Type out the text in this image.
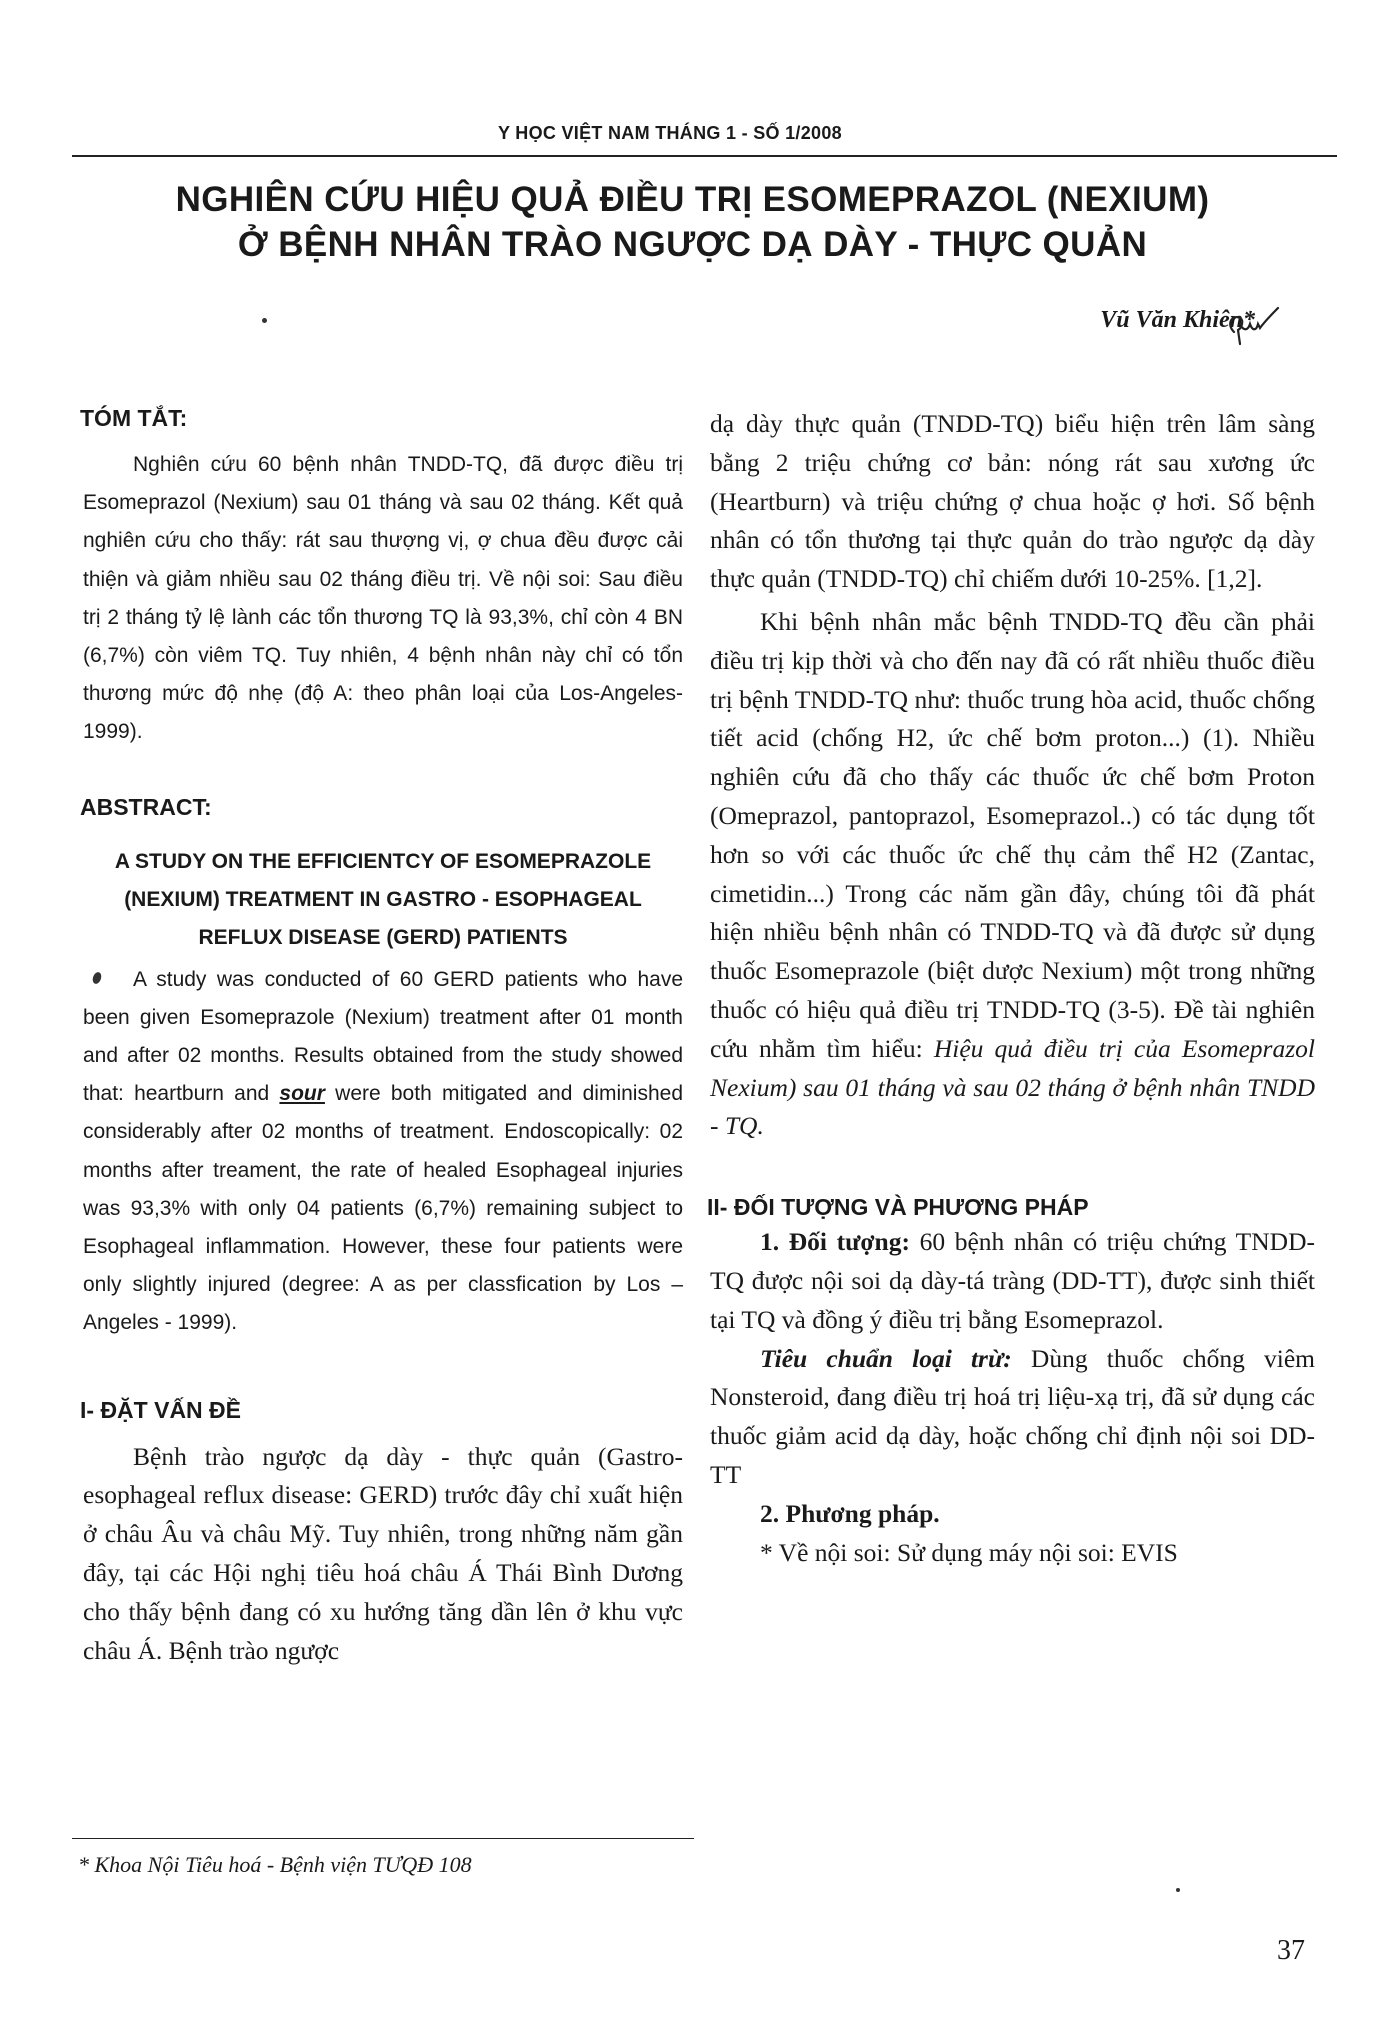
Y HỌC VIỆT NAM THÁNG 1 - SỐ 1/2008
NGHIÊN CỨU HIỆU QUẢ ĐIỀU TRỊ ESOMEPRAZOL (NEXIUM)
Ở BỆNH NHÂN TRÀO NGƯỢC DẠ DÀY - THỰC QUẢN
Vũ Văn Khiên*
TÓM TẮT:

Nghiên cứu 60 bệnh nhân TNDD-TQ, đã được điều trị Esomeprazol (Nexium) sau 01 tháng và sau 02 tháng. Kết quả nghiên cứu cho thấy: rát sau thượng vị, ợ chua đều được cải thiện và giảm nhiều sau 02 tháng điều trị. Về nội soi: Sau điều trị 2 tháng tỷ lệ lành các tổn thương TQ là 93,3%, chỉ còn 4 BN (6,7%) còn viêm TQ. Tuy nhiên, 4 bệnh nhân này chỉ có tổn thương mức độ nhẹ (độ A: theo phân loại của Los-Angeles-1999).

ABSTRACT:

A STUDY ON THE EFFICIENTCY OF ESOMEPRAZOLE

(NEXIUM) TREATMENT IN GASTRO - ESOPHAGEAL

REFLUX DISEASE (GERD) PATIENTS

A study was conducted of 60 GERD patients who have been given Esomeprazole (Nexium) treatment after 01 month and after 02 months. Results obtained from the study showed that: heartburn and sour were both mitigated and diminished considerably after 02 months of treatment. Endoscopically: 02 months after treament, the rate of healed Esophageal injuries was 93,3% with only 04 patients (6,7%) remaining subject to Esophageal inflammation. However, these four patients were only slightly injured (degree: A as per classfication by Los – Angeles - 1999).

I- ĐẶT VẤN ĐỀ

Bệnh trào ngược dạ dày - thực quản (Gastro-esophageal reflux disease: GERD) trước đây chỉ xuất hiện ở châu Âu và châu Mỹ. Tuy nhiên, trong những năm gần đây, tại các Hội nghị tiêu hoá châu Á Thái Bình Dương cho thấy bệnh đang có xu hướng tăng dần lên ở khu vực châu Á. Bệnh trào ngược

dạ dày thực quản (TNDD-TQ) biểu hiện trên lâm sàng bằng 2 triệu chứng cơ bản: nóng rát sau xương ức (Heartburn) và triệu chứng ợ chua hoặc ợ hơi. Số bệnh nhân có tổn thương tại thực quản do trào ngược dạ dày thực quản (TNDD-TQ) chỉ chiếm dưới 10-25%. [1,2].

Khi bệnh nhân mắc bệnh TNDD-TQ đều cần phải điều trị kịp thời và cho đến nay đã có rất nhiều thuốc điều trị bệnh TNDD-TQ như: thuốc trung hòa acid, thuốc chống tiết acid (chống H2, ức chế bơm proton...) (1). Nhiều nghiên cứu đã cho thấy các thuốc ức chế bơm Proton (Omeprazol, pantoprazol, Esomeprazol..) có tác dụng tốt hơn so với các thuốc ức chế thụ cảm thể H2 (Zantac, cimetidin...) Trong các năm gần đây, chúng tôi đã phát hiện nhiều bệnh nhân có TNDD-TQ và đã được sử dụng thuốc Esomeprazole (biệt dược Nexium) một trong những thuốc có hiệu quả điều trị TNDD-TQ (3-5). Đề tài nghiên cứu nhằm tìm hiểu: Hiệu quả điều trị của Esomeprazol Nexium) sau 01 tháng và sau 02 tháng ở bệnh nhân TNDD - TQ.

II- ĐỐI TƯỢNG VÀ PHƯƠNG PHÁP

1. Đối tượng: 60 bệnh nhân có triệu chứng TNDD-TQ được nội soi dạ dày-tá tràng (DD-TT), được sinh thiết tại TQ và đồng ý điều trị bằng Esomeprazol.

Tiêu chuẩn loại trừ: Dùng thuốc chống viêm Nonsteroid, đang điều trị hoá trị liệu-xạ trị, đã sử dụng các thuốc giảm acid dạ dày, hoặc chống chỉ định nội soi DD-TT

2. Phương pháp.

* Về nội soi: Sử dụng máy nội soi: EVIS

* Khoa Nội Tiêu hoá - Bệnh viện TƯQĐ 108
37
